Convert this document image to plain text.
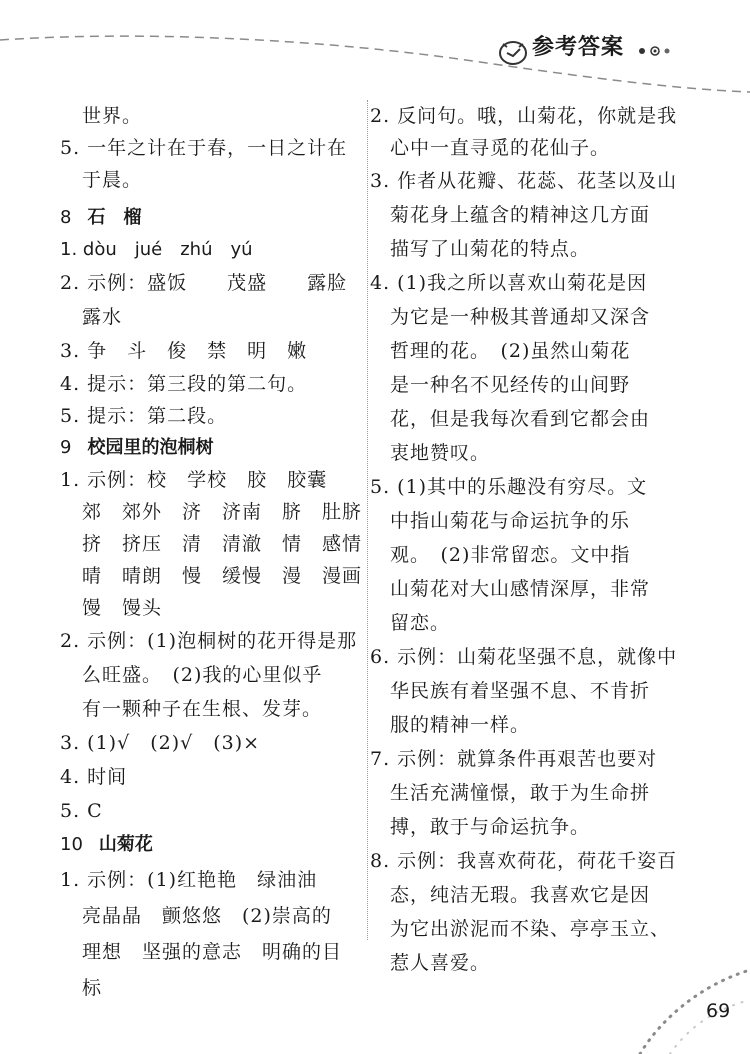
参考答案
世界。
5. 一年之计在于春，一日之计在
于晨。
8 石　榴
1. dòu　jué　zhú　yú
2. 示例：盛饭　　茂盛　　露脸
露水
3. 争　斗　俊　禁　明　嫩
4. 提示：第三段的第二句。
5. 提示：第二段。
9 校园里的泡桐树
1. 示例：校　学校　胶　胶囊
郊　郊外　济　济南　脐　肚脐
挤　挤压　清　清澈　情　感情
晴　晴朗　慢　缓慢　漫　漫画
馒　馒头
2. 示例：(1)泡桐树的花开得是那
么旺盛。　(2)我的心里似乎
有一颗种子在生根、发芽。
3. (1)√　(2)√　(3)×
4. 时间
5. C
10 山菊花
1. 示例：(1)红艳艳　绿油油
亮晶晶　颤悠悠　(2)崇高的
理想　坚强的意志　明确的目
标
2. 反问句。哦，山菊花，你就是我
心中一直寻觅的花仙子。
3. 作者从花瓣、花蕊、花茎以及山
菊花身上蕴含的精神这几方面
描写了山菊花的特点。
4. (1)我之所以喜欢山菊花是因
为它是一种极其普通却又深含
哲理的花。　(2)虽然山菊花
是一种名不见经传的山间野
花，但是我每次看到它都会由
衷地赞叹。
5. (1)其中的乐趣没有穷尽。文
中指山菊花与命运抗争的乐
观。　(2)非常留恋。文中指
山菊花对大山感情深厚，非常
留恋。
6. 示例：山菊花坚强不息，就像中
华民族有着坚强不息、不肯折
服的精神一样。
7. 示例：就算条件再艰苦也要对
生活充满憧憬，敢于为生命拼
搏，敢于与命运抗争。
8. 示例：我喜欢荷花，荷花千姿百
态，纯洁无瑕。我喜欢它是因
为它出淤泥而不染、亭亭玉立、
惹人喜爱。
69
